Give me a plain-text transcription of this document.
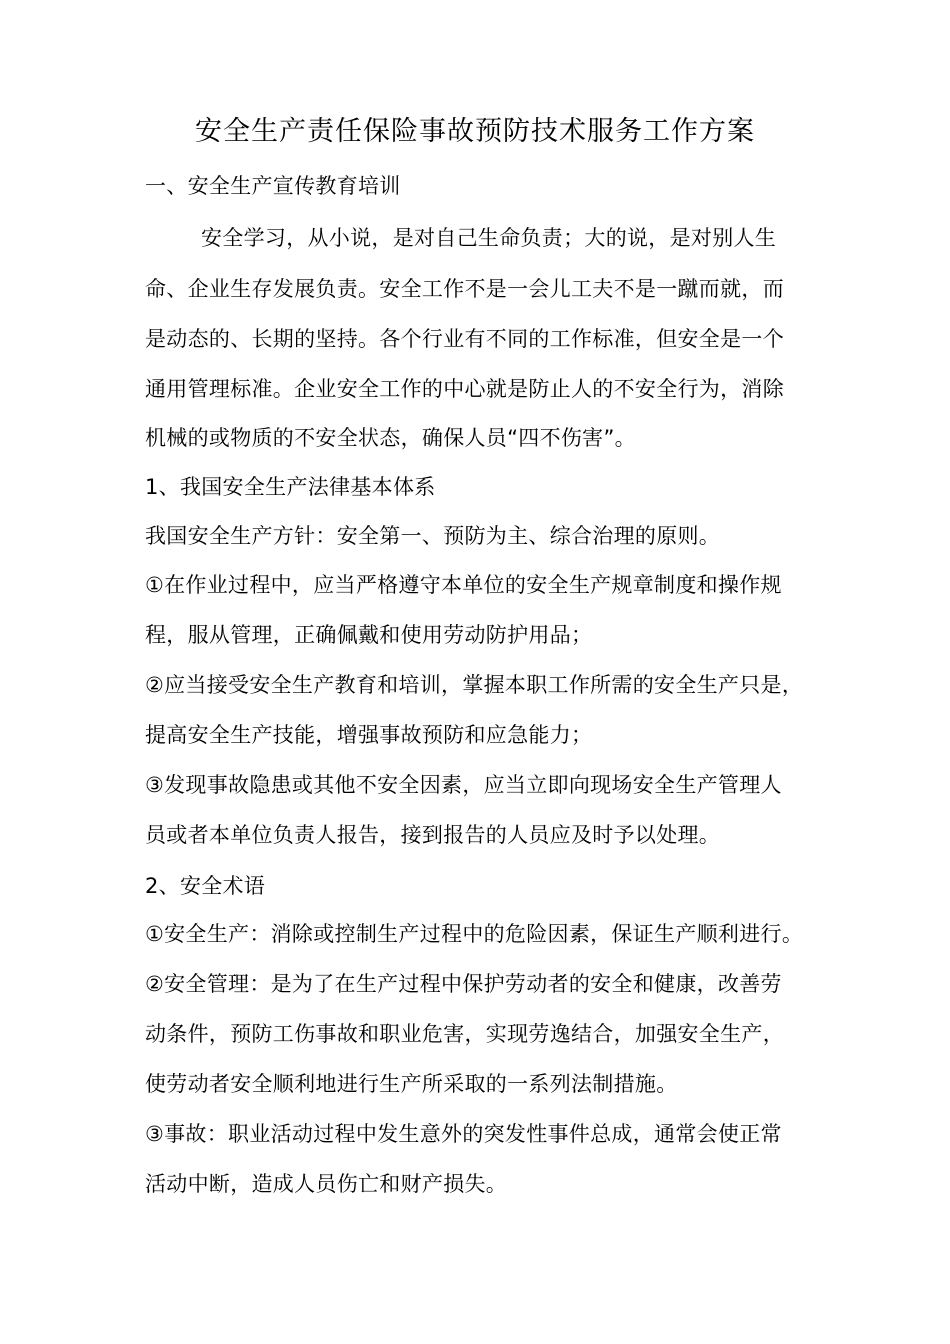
安全生产责任保险事故预防技术服务工作方案
一、安全生产宣传教育培训
安全学习，从小说，是对自己生命负责；大的说，是对别人生
命、企业生存发展负责。安全工作不是一会儿工夫不是一蹴而就，而
是动态的、长期的坚持。各个行业有不同的工作标准，但安全是一个
通用管理标准。企业安全工作的中心就是防止人的不安全行为，消除
机械的或物质的不安全状态，确保人员“四不伤害”。
1、我国安全生产法律基本体系
我国安全生产方针：安全第一、预防为主、综合治理的原则。
①在作业过程中，应当严格遵守本单位的安全生产规章制度和操作规
程，服从管理，正确佩戴和使用劳动防护用品；
②应当接受安全生产教育和培训，掌握本职工作所需的安全生产只是，
提高安全生产技能，增强事故预防和应急能力；
③发现事故隐患或其他不安全因素，应当立即向现场安全生产管理人
员或者本单位负责人报告，接到报告的人员应及时予以处理。
2、安全术语
①安全生产：消除或控制生产过程中的危险因素，保证生产顺利进行。
②安全管理：是为了在生产过程中保护劳动者的安全和健康，改善劳
动条件，预防工伤事故和职业危害，实现劳逸结合，加强安全生产，
使劳动者安全顺利地进行生产所采取的一系列法制措施。
③事故：职业活动过程中发生意外的突发性事件总成，通常会使正常
活动中断，造成人员伤亡和财产损失。
